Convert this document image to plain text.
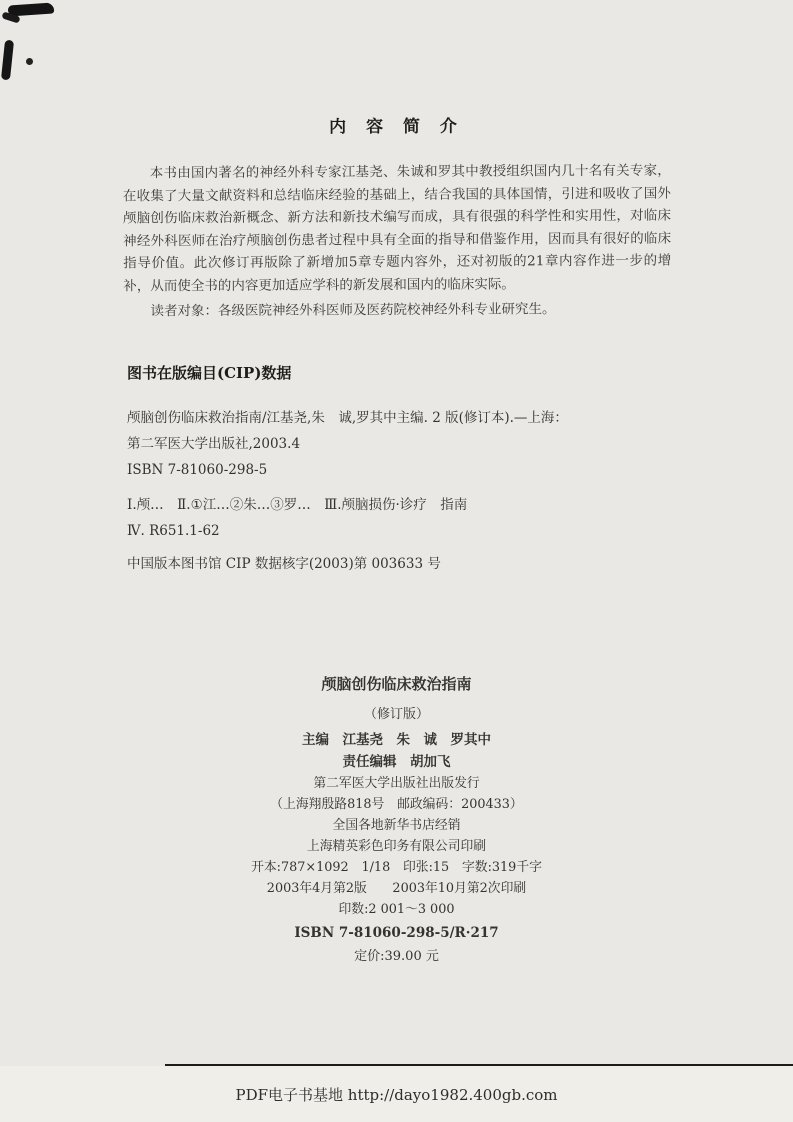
内 容 简 介
本书由国内著名的神经外科专家江基尧、朱诚和罗其中教授组织国内几十名有关专家，在收集了大量文献资料和总结临床经验的基础上，结合我国的具体国情，引进和吸收了国外颅脑创伤临床救治新概念、新方法和新技术编写而成，具有很强的科学性和实用性，对临床神经外科医师在治疗颅脑创伤患者过程中具有全面的指导和借鉴作用，因而具有很好的临床指导价值。此次修订再版除了新增加5章专题内容外，还对初版的21章内容作进一步的增补，从而使全书的内容更加适应学科的新发展和国内的临床实际。
读者对象：各级医院神经外科医师及医药院校神经外科专业研究生。
图书在版编目(CIP)数据
颅脑创伤临床救治指南/江基尧,朱　诚,罗其中主编. 2 版(修订本).—上海：
第二军医大学出版社,2003.4
ISBN 7-81060-298-5
Ⅰ.颅…　Ⅱ.①江…②朱…③罗…　Ⅲ.颅脑损伤·诊疗　指南
Ⅳ. R651.1-62
中国版本图书馆 CIP 数据核字(2003)第 003633 号
颅脑创伤临床救治指南
（修订版）
主编　江基尧　朱　诚　罗其中
责任编辑　胡加飞
第二军医大学出版社出版发行
（上海翔殷路818号　邮政编码：200433）
全国各地新华书店经销
上海精英彩色印务有限公司印刷
开本:787×1092　1/18　印张:15　字数:319千字
2003年4月第2版　　2003年10月第2次印刷
印数:2 001～3 000
ISBN 7-81060-298-5/R·217
定价:39.00 元
PDF电子书基地 http://dayo1982.400gb.com
